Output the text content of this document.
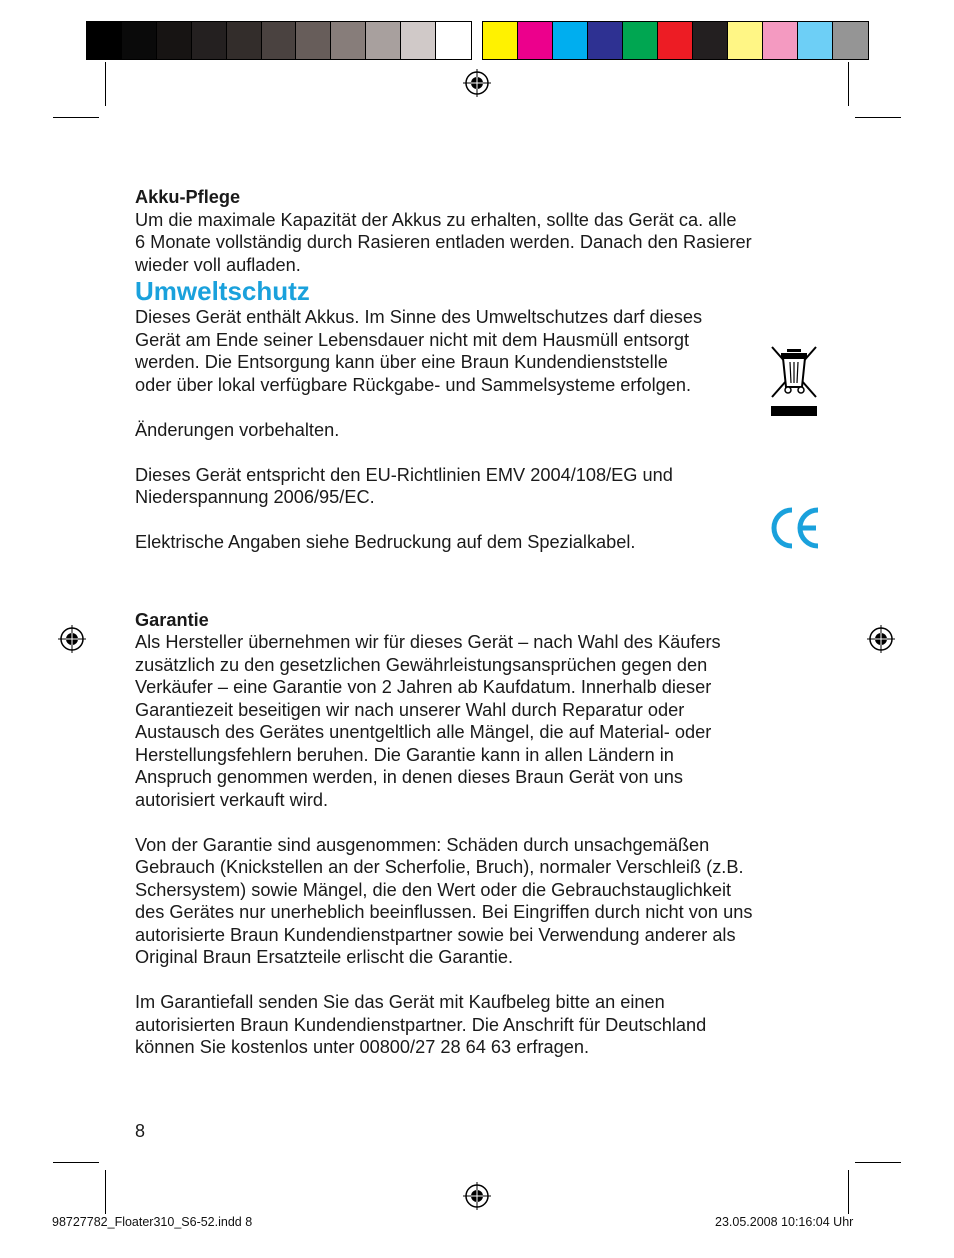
Akku-Pflege

Um die maximale Kapazität der Akkus zu erhalten, sollte das Gerät ca. alle

6 Monate vollständig durch Rasieren entladen werden. Danach den Rasierer

wieder voll aufladen.

Umweltschutz

Dieses Gerät enthält Akkus. Im Sinne des Umweltschutzes darf dieses

Gerät am Ende seiner Lebensdauer nicht mit dem Hausmüll entsorgt

werden. Die Entsorgung kann über eine Braun Kundendienststelle

oder über lokal verfügbare Rückgabe- und Sammelsysteme erfolgen.

Änderungen vorbehalten.

Dieses Gerät entspricht den EU-Richtlinien EMV 2004/108/EG und

Niederspannung 2006/95/EC.

Elektrische Angaben siehe Bedruckung auf dem Spezialkabel.

Garantie

Als Hersteller übernehmen wir für dieses Gerät – nach Wahl des Käufers

zusätzlich zu den gesetzlichen Gewährleistungsansprüchen gegen den

Verkäufer – eine Garantie von 2 Jahren ab Kaufdatum. Innerhalb dieser

Garantiezeit beseitigen wir nach unserer Wahl durch Reparatur oder

Austausch des Gerätes unentgeltlich alle Mängel, die auf Material- oder

Herstellungsfehlern beruhen. Die Garantie kann in allen Ländern in

Anspruch genommen werden, in denen dieses Braun Gerät von uns

autorisiert verkauft wird.

Von der Garantie sind ausgenommen: Schäden durch unsachgemäßen

Gebrauch (Knickstellen an der Scherfolie, Bruch), normaler Verschleiß (z.B.

Schersystem) sowie Mängel, die den Wert oder die Gebrauchstauglichkeit

des Gerätes nur unerheblich beeinflussen. Bei Eingriffen durch nicht von uns

autorisierte Braun Kundendienstpartner sowie bei Verwendung anderer als

Original Braun Ersatzteile erlischt die Garantie.

Im Garantiefall senden Sie das Gerät mit Kaufbeleg bitte an einen

autorisierten Braun Kundendienstpartner. Die Anschrift für Deutschland

können Sie kostenlos unter 00800/27 28 64 63 erfragen.

8
98727782_Floater310_S6-52.indd 8	23.05.2008 10:16:04 Uhr
